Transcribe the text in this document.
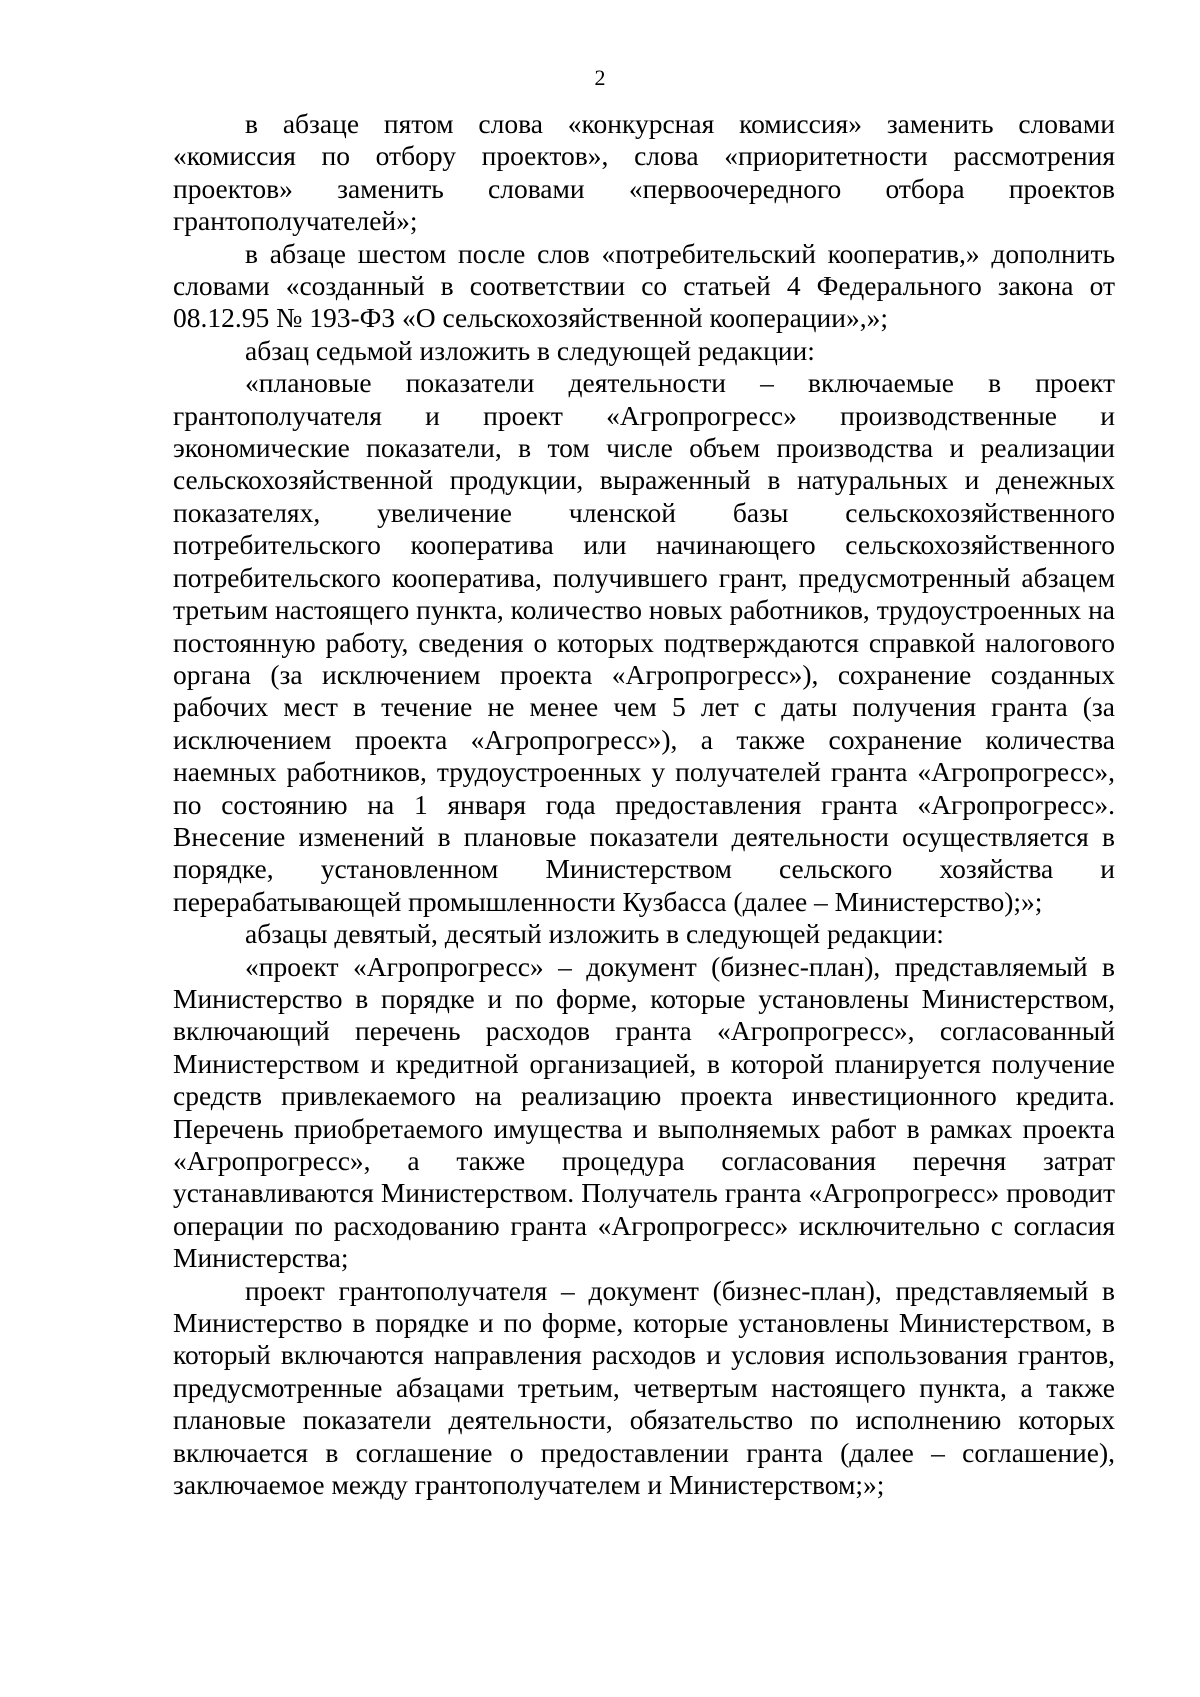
2

в абзаце пятом слова «конкурсная комиссия» заменить словами «комиссия по отбору проектов», слова «приоритетности рассмотрения проектов» заменить словами «первоочередного отбора проектов грантополучателей»;

в абзаце шестом после слов «потребительский кооператив,» дополнить словами «созданный в соответствии со статьей 4 Федерального закона от 08.12.95 № 193-ФЗ «О сельскохозяйственной кооперации»,»;

абзац седьмой изложить в следующей редакции:

«плановые показатели деятельности – включаемые в проект грантополучателя и проект «Агропрогресс» производственные и экономические показатели, в том числе объем производства и реализации сельскохозяйственной продукции, выраженный в натуральных и денежных показателях, увеличение членской базы сельскохозяйственного потребительского кооператива или начинающего сельскохозяйственного потребительского кооператива, получившего грант, предусмотренный абзацем третьим настоящего пункта, количество новых работников, трудоустроенных на постоянную работу, сведения о которых подтверждаются справкой налогового органа (за исключением проекта «Агропрогресс»), сохранение созданных рабочих мест в течение не менее чем 5 лет с даты получения гранта (за исключением проекта «Агропрогресс»), а также сохранение количества наемных работников, трудоустроенных у получателей гранта «Агропрогресс», по состоянию на 1 января года предоставления гранта «Агропрогресс». Внесение изменений в плановые показатели деятельности осуществляется в порядке, установленном Министерством сельского хозяйства и перерабатывающей промышленности Кузбасса (далее – Министерство);»;

абзацы девятый, десятый изложить в следующей редакции:

«проект «Агропрогресс» – документ (бизнес-план), представляемый в Министерство в порядке и по форме, которые установлены Министерством, включающий перечень расходов гранта «Агропрогресс», согласованный Министерством и кредитной организацией, в которой планируется получение средств привлекаемого на реализацию проекта инвестиционного кредита. Перечень приобретаемого имущества и выполняемых работ в рамках проекта «Агропрогресс», а также процедура согласования перечня затрат устанавливаются Министерством. Получатель гранта «Агропрогресс» проводит операции по расходованию гранта «Агропрогресс» исключительно с согласия Министерства;

проект грантополучателя – документ (бизнес-план), представляемый в Министерство в порядке и по форме, которые установлены Министерством, в который включаются направления расходов и условия использования грантов, предусмотренные абзацами третьим, четвертым настоящего пункта, а также плановые показатели деятельности, обязательство по исполнению которых включается в соглашение о предоставлении гранта (далее – соглашение), заключаемое между грантополучателем и Министерством;»;
